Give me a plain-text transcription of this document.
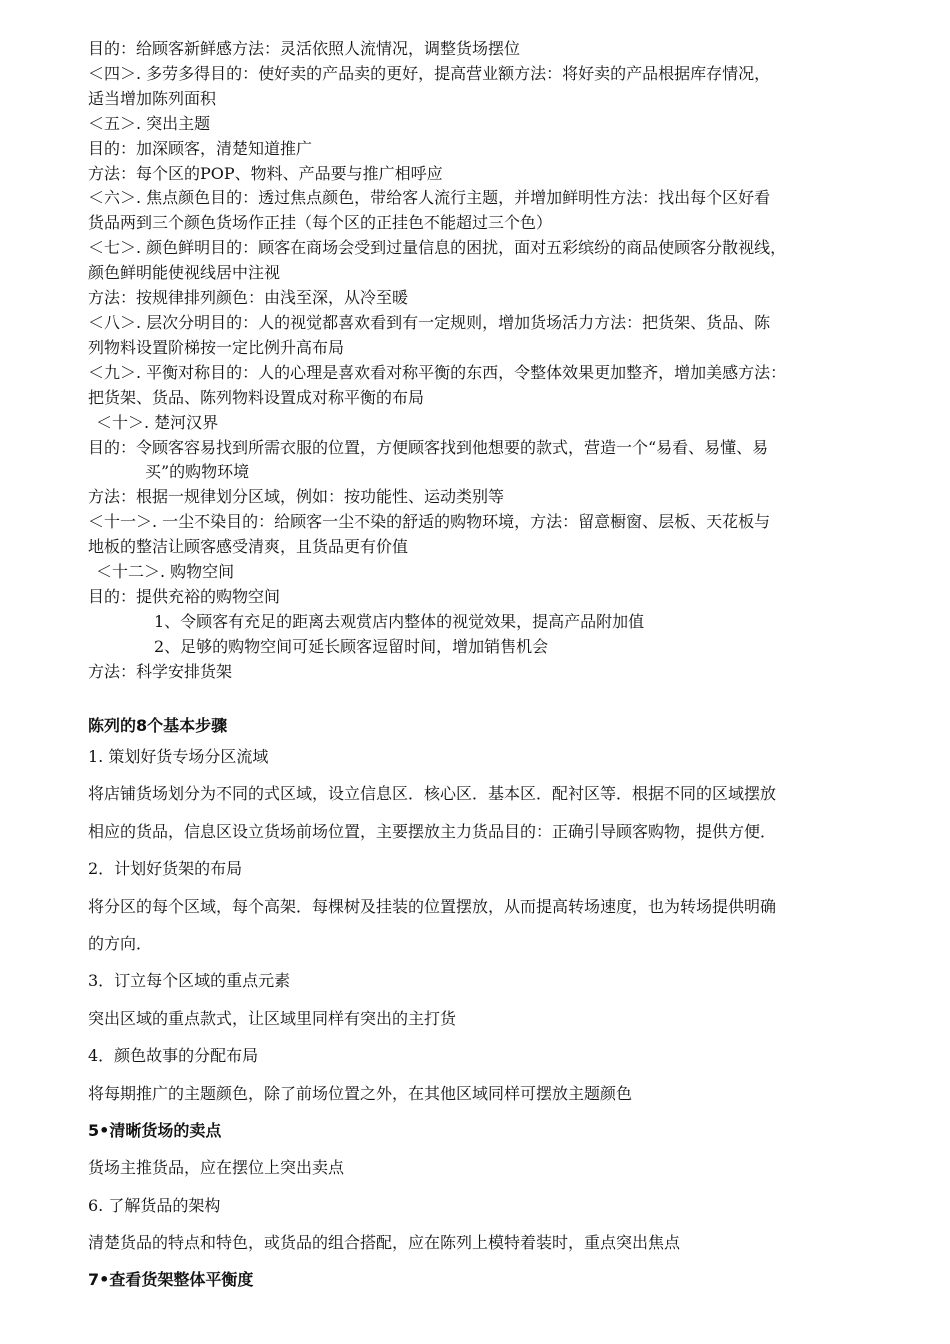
目的：给顾客新鲜感方法：灵活依照人流情况，调整货场摆位
＜四＞. 多劳多得目的：使好卖的产品卖的更好，提高营业额方法：将好卖的产品根据库存情况，
适当增加陈列面积
＜五＞. 突出主题
目的：加深顾客，清楚知道推广
方法：每个区的POP、物料、产品要与推广相呼应
＜六＞. 焦点颜色目的：透过焦点颜色，带给客人流行主题，并增加鲜明性方法：找出每个区好看
货品两到三个颜色货场作正挂（每个区的正挂色不能超过三个色）
＜七＞. 颜色鲜明目的：顾客在商场会受到过量信息的困扰，面对五彩缤纷的商品使顾客分散视线，
颜色鲜明能使视线居中注视
方法：按规律排列颜色：由浅至深，从冷至暖
＜八＞. 层次分明目的：人的视觉都喜欢看到有一定规则，增加货场活力方法：把货架、货品、陈
列物料设置阶梯按一定比例升高布局
＜九＞. 平衡对称目的：人的心理是喜欢看对称平衡的东西，令整体效果更加整齐，增加美感方法：
把货架、货品、陈列物料设置成对称平衡的布局
＜十＞. 楚河汉界
目的：令顾客容易找到所需衣服的位置，方便顾客找到他想要的款式，营造一个“易看、易懂、易
买”的购物环境
方法：根据一规律划分区域，例如：按功能性、运动类别等
＜十一＞. 一尘不染目的：给顾客一尘不染的舒适的购物环境，方法：留意橱窗、层板、天花板与
地板的整洁让顾客感受清爽，且货品更有价值
＜十二＞. 购物空间
目的：提供充裕的购物空间
1、令顾客有充足的距离去观赏店内整体的视觉效果，提高产品附加值
2、足够的购物空间可延长顾客逗留时间，增加销售机会
方法：科学安排货架
陈列的8个基本步骤
1. 策划好货专场分区流域
将店铺货场划分为不同的式区域，设立信息区．核心区．基本区．配衬区等．根据不同的区域摆放
相应的货品，信息区设立货场前场位置，主要摆放主力货品目的：正确引导顾客购物，提供方便．
2．计划好货架的布局
将分区的每个区域，每个高架．每棵树及挂装的位置摆放，从而提高转场速度，也为转场提供明确
的方向．
3．订立每个区域的重点元素
突出区域的重点款式，让区域里同样有突出的主打货
4．颜色故事的分配布局
将每期推广的主题颜色，除了前场位置之外，在其他区域同样可摆放主题颜色
5•清晰货场的卖点
货场主推货品，应在摆位上突出卖点
6. 了解货品的架构
清楚货品的特点和特色，或货品的组合搭配，应在陈列上模特着装时，重点突出焦点
7•查看货架整体平衡度
